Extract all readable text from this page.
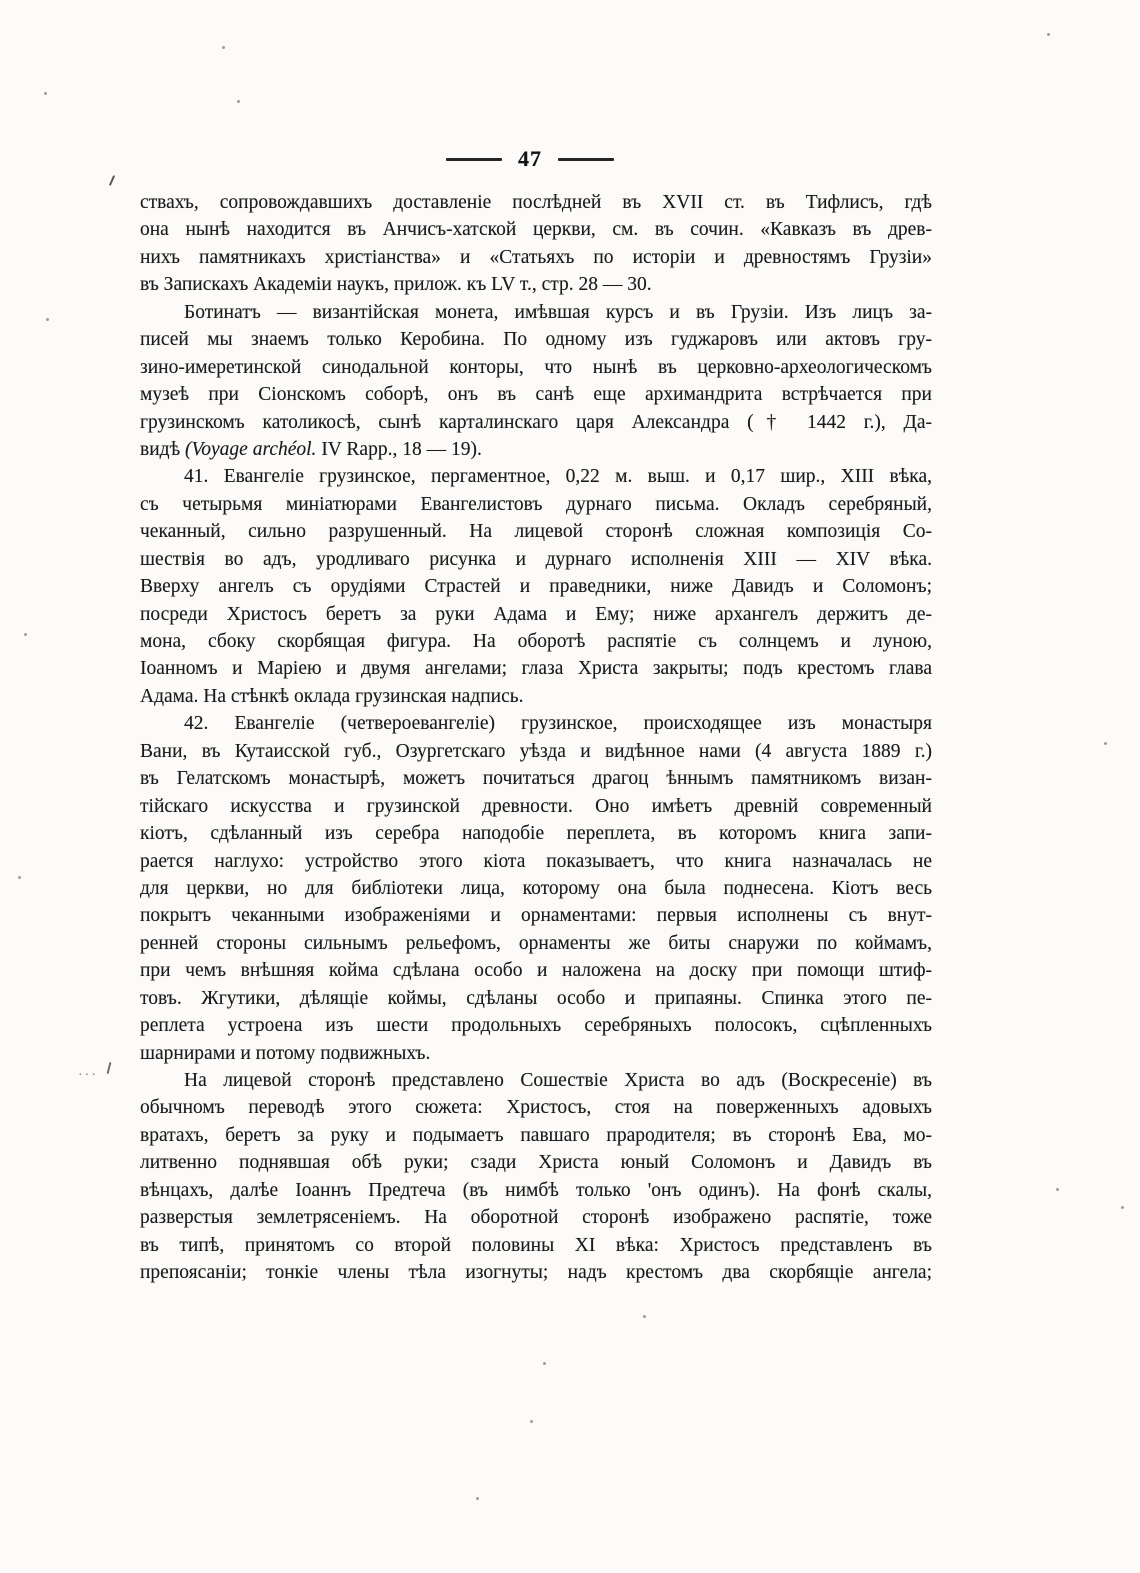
47
···
ствахъ, сопровождавшихъ доставленіе послѣдней въ XVII ст. въ Тифлисъ, гдѣ
она нынѣ находится въ Анчисъ-хатской церкви, см. въ сочин. «Кавказъ въ древ-
нихъ памятникахъ христіанства» и «Статьяхъ по исторіи и древностямъ Грузіи»
въ Запискахъ Академіи наукъ, прилож. къ LV т., стр. 28 — 30.
Ботинатъ — византійская монета, имѣвшая курсъ и въ Грузіи. Изъ лицъ за-
писей мы знаемъ только Керобина. По одному изъ гуджаровъ или актовъ гру-
зино-имеретинской синодальной конторы, что нынѣ въ церковно-археологическомъ
музеѣ при Сіонскомъ соборѣ, онъ въ санѣ еще архимандрита встрѣчается при
грузинскомъ католикосѣ, сынѣ карталинскаго царя Александра († 1442 г.), Да-
видѣ (Voyage archéol. IV Rapp., 18 — 19).
41. Евангеліе грузинское, пергаментное, 0,22 м. выш. и 0,17 шир., XIII вѣка,
съ четырьмя миніатюрами Евангелистовъ дурнаго письма. Окладъ серебряный,
чеканный, сильно разрушенный. На лицевой сторонѣ сложная композиція Со-
шествія во адъ, уродливаго рисунка и дурнаго исполненія XIII — XIV вѣка.
Вверху ангелъ съ орудіями Страстей и праведники, ниже Давидъ и Соломонъ;
посреди Христосъ беретъ за руки Адама и Ему; ниже архангелъ держитъ де-
мона, сбоку скорбящая фигура. На оборотѣ распятіе съ солнцемъ и луною,
Іоанномъ и Маріею и двумя ангелами; глаза Христа закрыты; подъ крестомъ глава
Адама. На стѣнкѣ оклада грузинская надпись.
42. Евангеліе (четвероевангеліе) грузинское, происходящее изъ монастыря
Вани, въ Кутаисской губ., Озургетскаго уѣзда и видѣнное нами (4 августа 1889 г.)
въ Гелатскомъ монастырѣ, можетъ почитаться драгоц ѣннымъ памятникомъ визан-
тійскаго искусства и грузинской древности. Оно имѣетъ древній современный
кіотъ, сдѣланный изъ серебра наподобіе переплета, въ которомъ книга запи-
рается наглухо: устройство этого кіота показываетъ, что книга назначалась не
для церкви, но для библіотеки лица, которому она была поднесена. Кіотъ весь
покрытъ чеканными изображеніями и орнаментами: первыя исполнены съ внут-
ренней стороны сильнымъ рельефомъ, орнаменты же биты снаружи по коймамъ,
при чемъ внѣшняя койма сдѣлана особо и наложена на доску при помощи штиф-
товъ. Жгутики, дѣлящіе коймы, сдѣланы особо и припаяны. Спинка этого пе-
реплета устроена изъ шести продольныхъ серебряныхъ полосокъ, сцѣпленныхъ
шарнирами и потому подвижныхъ.
На лицевой сторонѣ представлено Сошествіе Христа во адъ (Воскресеніе) въ
обычномъ переводѣ этого сюжета: Христосъ, стоя на поверженныхъ адовыхъ
вратахъ, беретъ за руку и подымаетъ павшаго прародителя; въ сторонѣ Ева, мо-
литвенно поднявшая обѣ руки; сзади Христа юный Соломонъ и Давидъ въ
вѣнцахъ, далѣе Іоаннъ Предтеча (въ нимбѣ только 'онъ одинъ). На фонѣ скалы,
разверстыя землетрясеніемъ. На оборотной сторонѣ изображено распятіе, тоже
въ типѣ, принятомъ со второй половины XI вѣка: Христосъ представленъ въ
препоясаніи; тонкіе члены тѣла изогнуты; надъ крестомъ два скорбящіе ангела;
